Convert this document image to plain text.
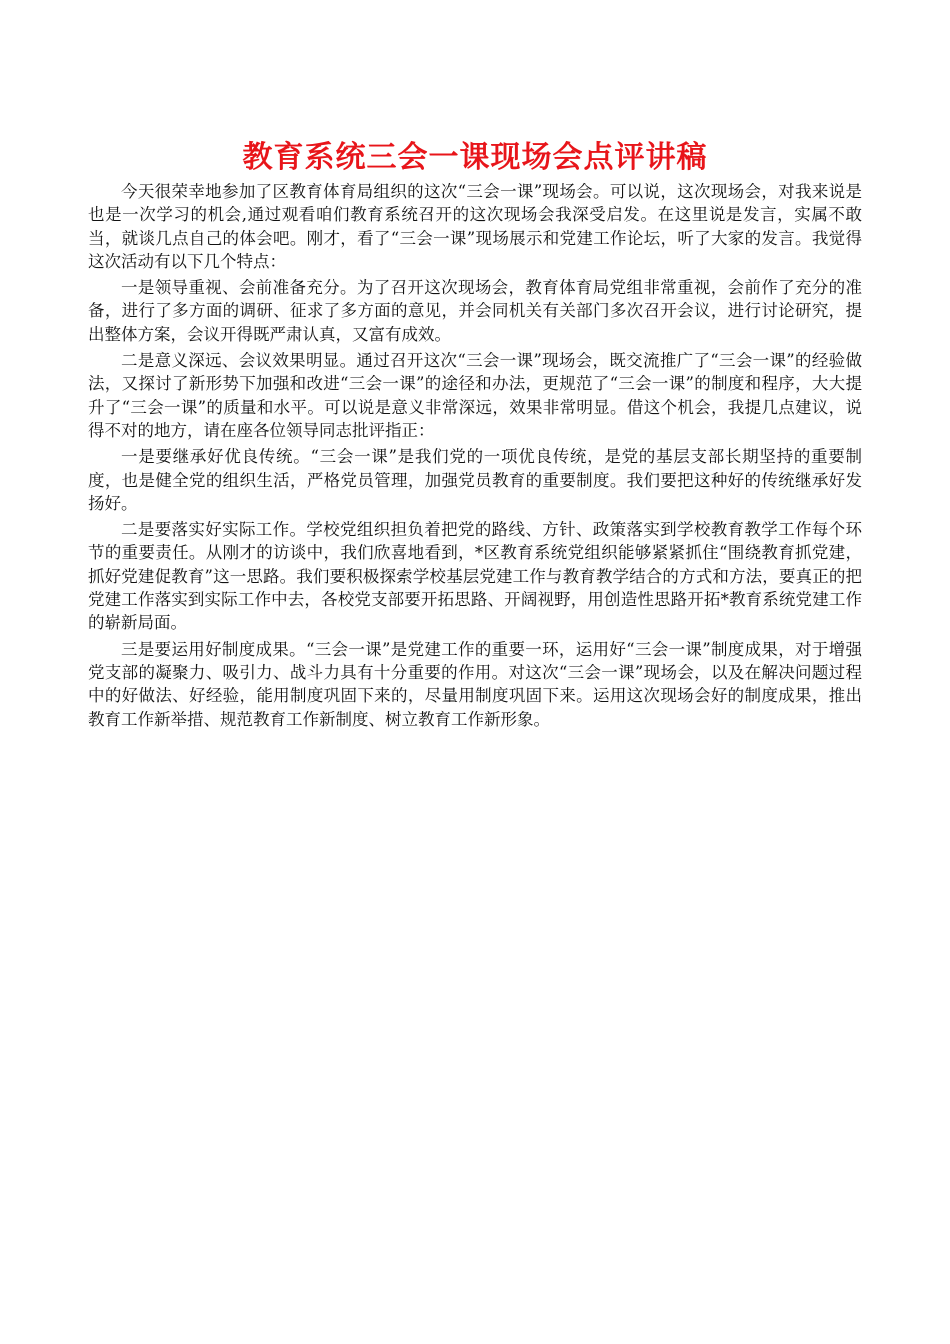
教育系统三会一课现场会点评讲稿

今天很荣幸地参加了区教育体育局组织的这次“三会一课”现场会。可以说，这次现场会，对我来说是也是一次学习的机会,通过观看咱们教育系统召开的这次现场会我深受启发。在这里说是发言，实属不敢当，就谈几点自己的体会吧。刚才，看了“三会一课”现场展示和党建工作论坛，听了大家的发言。我觉得这次活动有以下几个特点：

一是领导重视、会前准备充分。为了召开这次现场会，教育体育局党组非常重视，会前作了充分的准备，进行了多方面的调研、征求了多方面的意见，并会同机关有关部门多次召开会议，进行讨论研究，提出整体方案，会议开得既严肃认真，又富有成效。

二是意义深远、会议效果明显。通过召开这次“三会一课”现场会，既交流推广了“三会一课”的经验做法，又探讨了新形势下加强和改进“三会一课”的途径和办法，更规范了“三会一课”的制度和程序，大大提升了“三会一课”的质量和水平。可以说是意义非常深远，效果非常明显。借这个机会，我提几点建议，说得不对的地方，请在座各位领导同志批评指正：

一是要继承好优良传统。“三会一课”是我们党的一项优良传统，是党的基层支部长期坚持的重要制度，也是健全党的组织生活，严格党员管理，加强党员教育的重要制度。我们要把这种好的传统继承好发扬好。

二是要落实好实际工作。学校党组织担负着把党的路线、方针、政策落实到学校教育教学工作每个环节的重要责任。从刚才的访谈中，我们欣喜地看到，*区教育系统党组织能够紧紧抓住“围绕教育抓党建，抓好党建促教育”这一思路。我们要积极探索学校基层党建工作与教育教学结合的方式和方法，要真正的把党建工作落实到实际工作中去，各校党支部要开拓思路、开阔视野，用创造性思路开拓*教育系统党建工作的崭新局面。

三是要运用好制度成果。“三会一课”是党建工作的重要一环，运用好“三会一课”制度成果，对于增强党支部的凝聚力、吸引力、战斗力具有十分重要的作用。对这次“三会一课”现场会，以及在解决问题过程中的好做法、好经验，能用制度巩固下来的，尽量用制度巩固下来。运用这次现场会好的制度成果，推出教育工作新举措、规范教育工作新制度、树立教育工作新形象。
